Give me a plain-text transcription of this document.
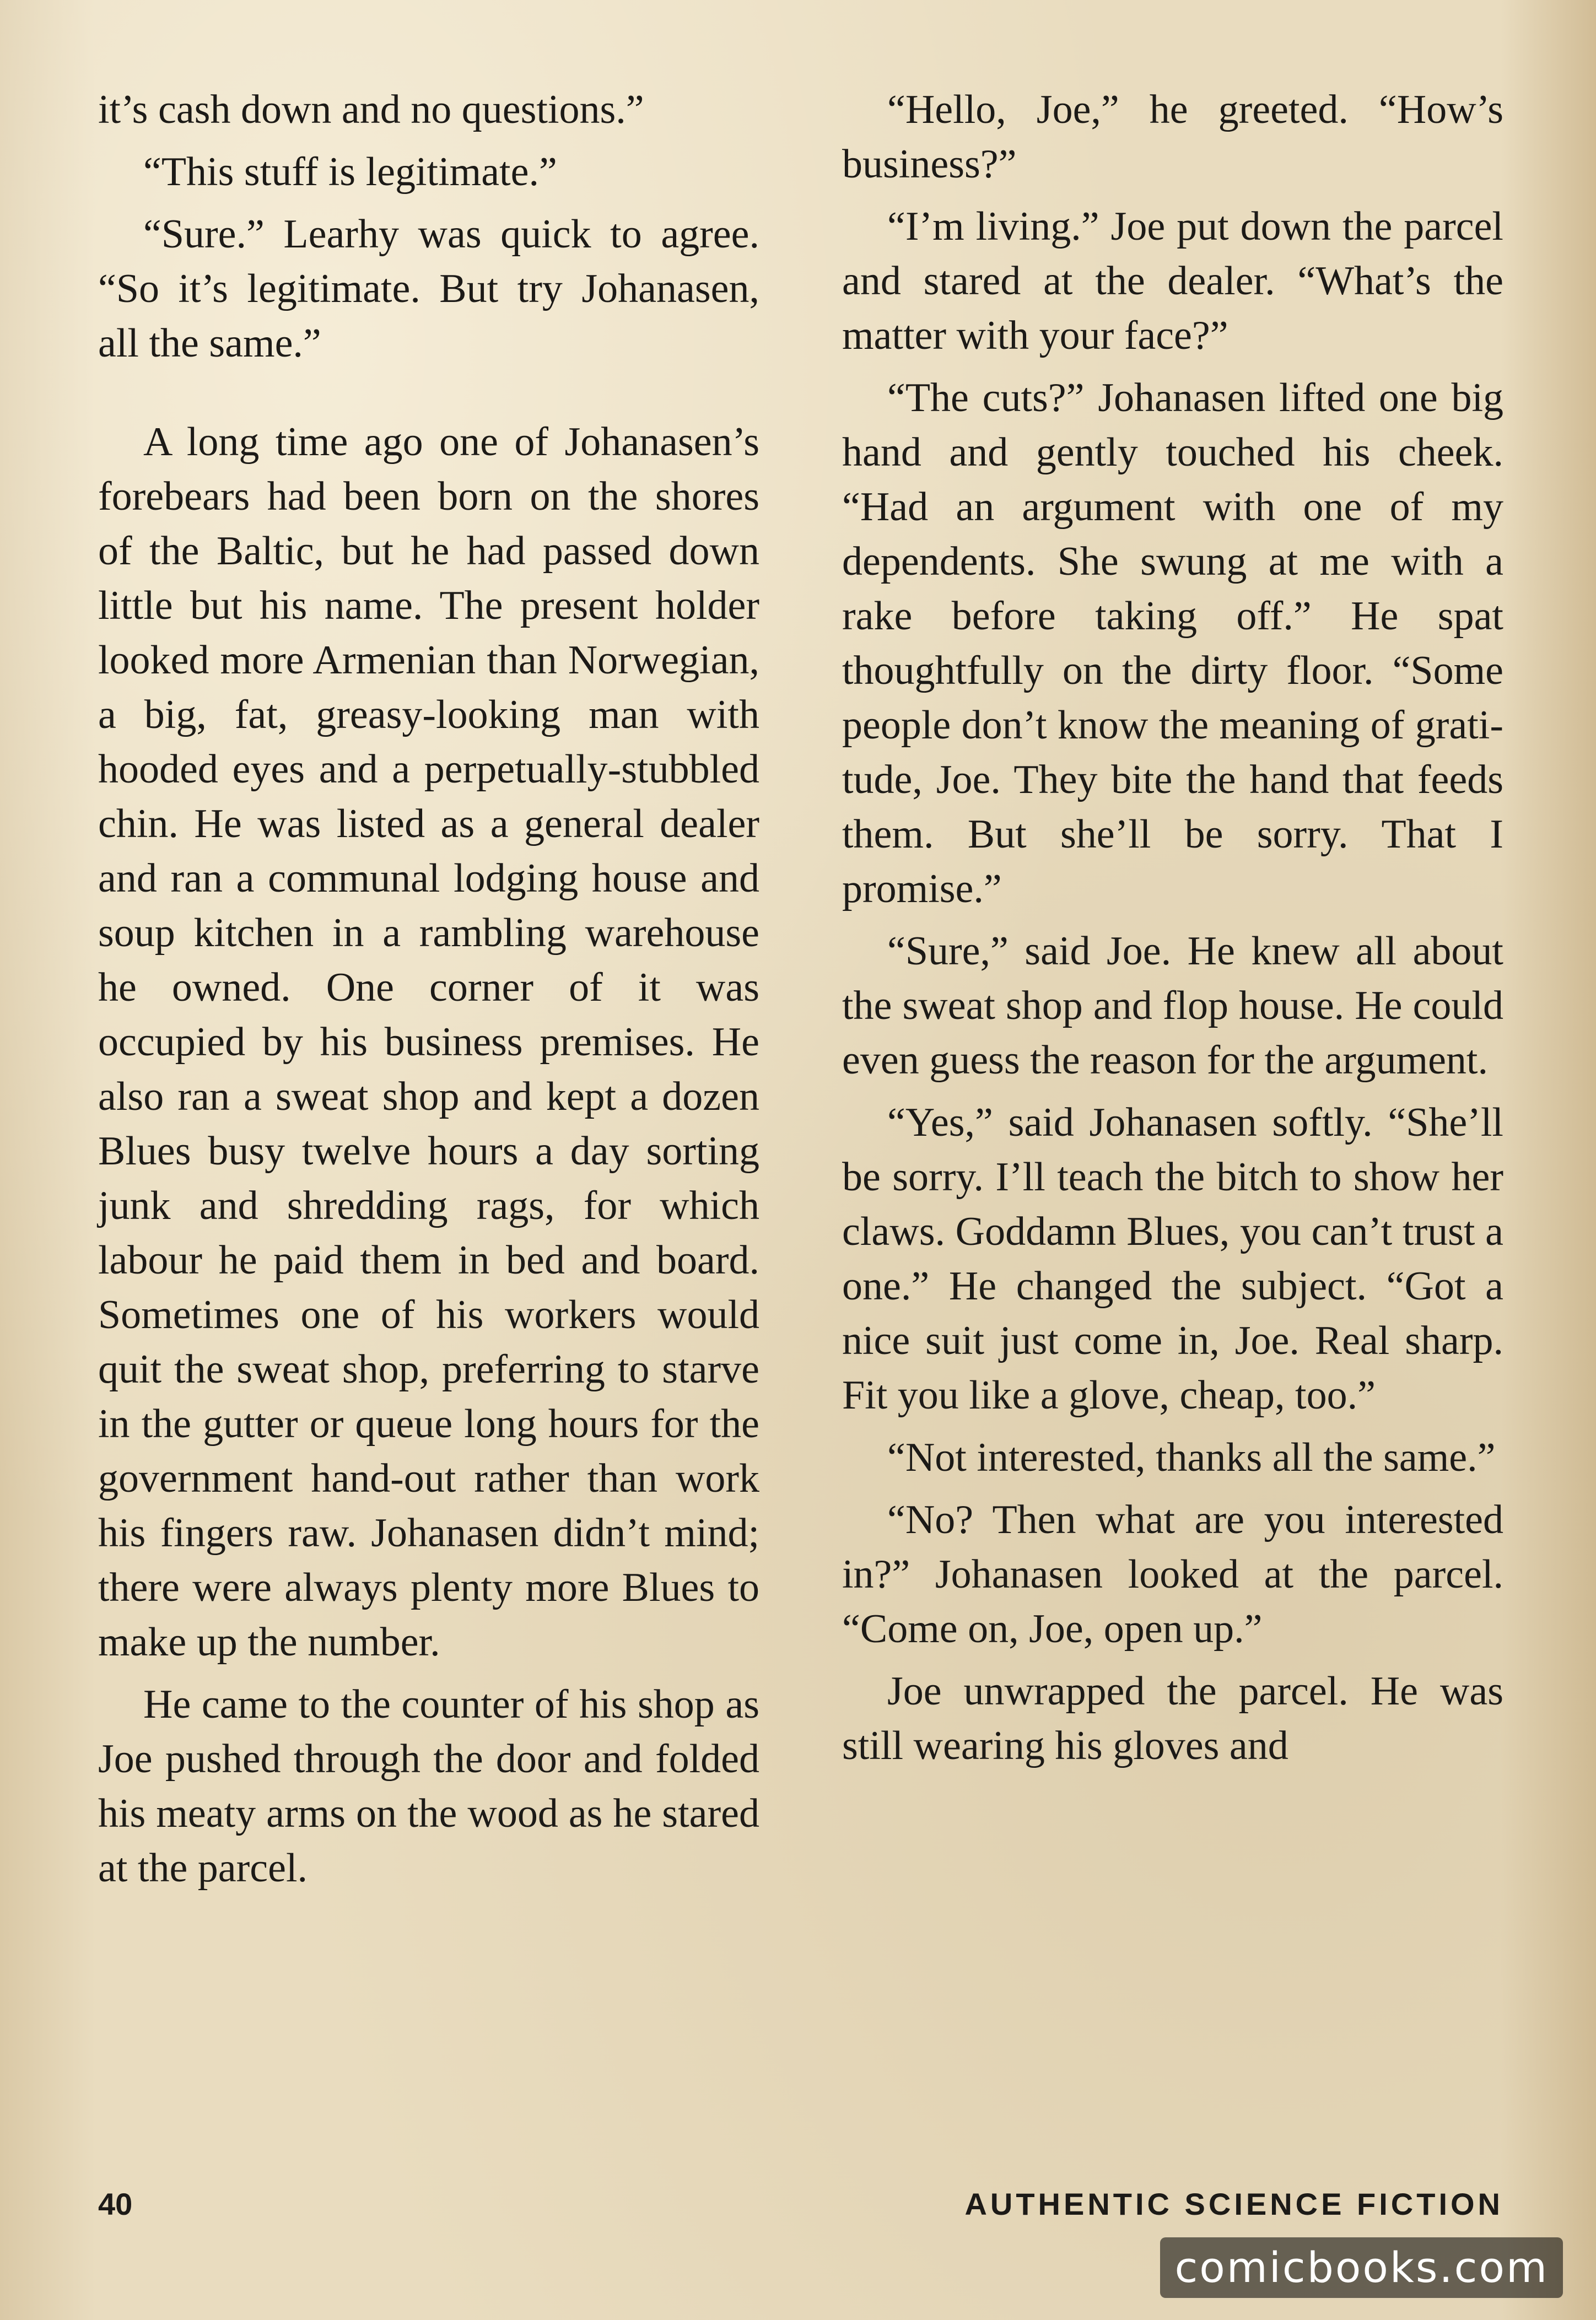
it’s cash down and no questions.”

“This stuff is legitimate.”

“Sure.” Learhy was quick to agree. “So it’s legitimate. But try Johanasen, all the same.”

A long time ago one of Johanasen’s forebears had been born on the shores of the Baltic, but he had passed down little but his name. The present holder looked more Armenian than Norwegian, a big, fat, greasy-looking man with hooded eyes and a perpetually-stubbled chin. He was listed as a general dealer and ran a communal lodging house and soup kitchen in a rambling warehouse he owned. One corner of it was occupied by his business premises. He also ran a sweat shop and kept a dozen Blues busy twelve hours a day sorting junk and shredding rags, for which labour he paid them in bed and board. Sometimes one of his workers would quit the sweat shop, preferring to starve in the gutter or queue long hours for the government hand-out rather than work his fingers raw. Johanasen didn’t mind; there were always plenty more Blues to make up the number.

He came to the counter of his shop as Joe pushed through the door and folded his meaty arms on the wood as he stared at the parcel.

“Hello, Joe,” he greeted. “How’s business?”

“I’m living.” Joe put down the parcel and stared at the dealer. “What’s the matter with your face?”

“The cuts?” Johanasen lifted one big hand and gently touched his cheek. “Had an argument with one of my dependents. She swung at me with a rake before taking off.” He spat thoughtfully on the dirty floor. “Some people don’t know the meaning of gratitude, Joe. They bite the hand that feeds them. But she’ll be sorry. That I promise.”

“Sure,” said Joe. He knew all about the sweat shop and flop house. He could even guess the reason for the argument.

“Yes,” said Johanasen softly. “She’ll be sorry. I’ll teach the bitch to show her claws. Goddamn Blues, you can’t trust a one.” He changed the subject. “Got a nice suit just come in, Joe. Real sharp. Fit you like a glove, cheap, too.”

“Not interested, thanks all the same.”

“No? Then what are you interested in?” Johanasen looked at the parcel. “Come on, Joe, open up.”

Joe unwrapped the parcel. He was still wearing his gloves and

40	AUTHENTIC SCIENCE FICTION
comicbooks.com
